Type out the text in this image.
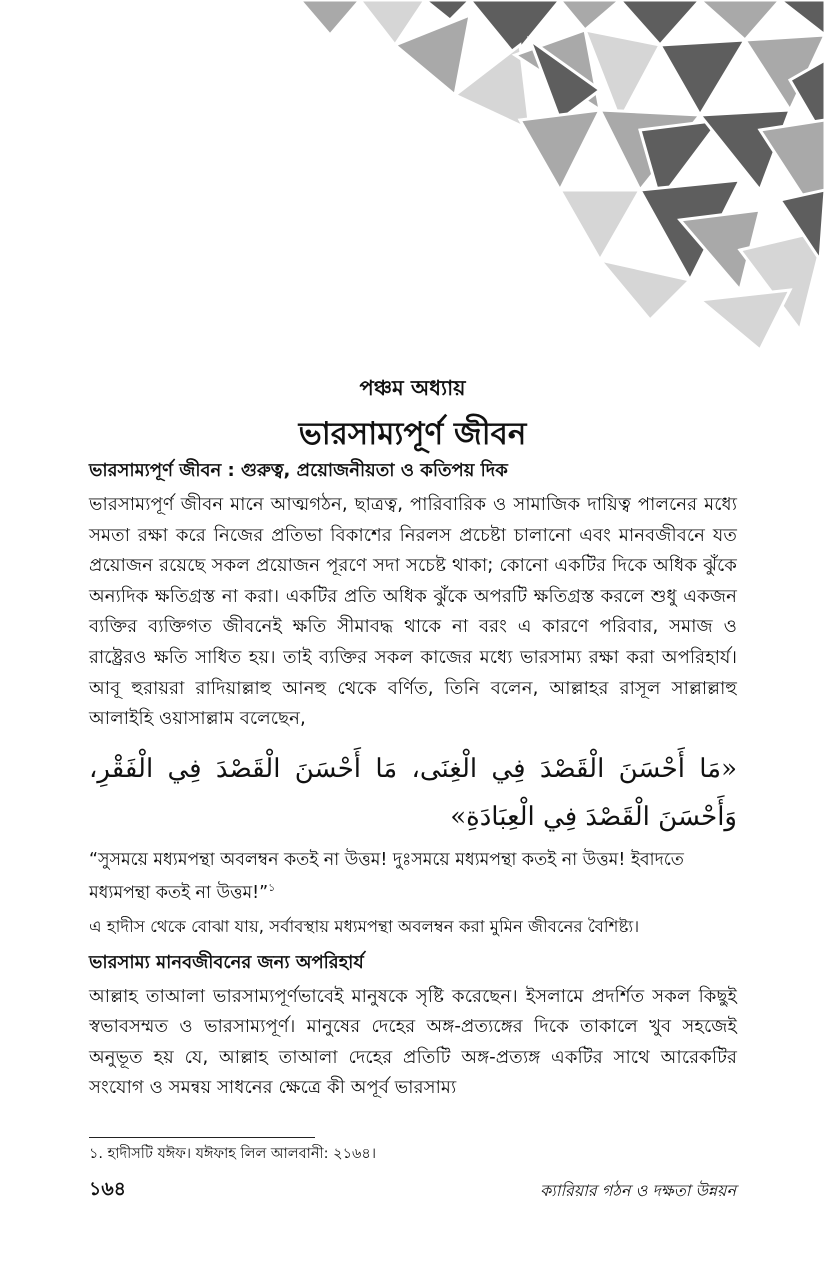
পঞ্চম অধ্যায়
ভারসাম্যপূর্ণ জীবন
ভারসাম্যপূর্ণ জীবন : গুরুত্ব, প্রয়োজনীয়তা ও কতিপয় দিক
ভারসাম্যপূর্ণ জীবন মানে আত্মগঠন, ছাত্রত্ব, পারিবারিক ও সামাজিক দায়িত্ব পালনের মধ্যে সমতা রক্ষা করে নিজের প্রতিভা বিকাশের নিরলস প্রচেষ্টা চালানো এবং মানবজীবনে যত প্রয়োজন রয়েছে সকল প্রয়োজন পূরণে সদা সচেষ্ট থাকা; কোনো একটির দিকে অধিক ঝুঁকে অন্যদিক ক্ষতিগ্রস্ত না করা। একটির প্রতি অধিক ঝুঁকে অপরটি ক্ষতিগ্রস্ত করলে শুধু একজন ব্যক্তির ব্যক্তিগত জীবনেই ক্ষতি সীমাবদ্ধ থাকে না বরং এ কারণে পরিবার, সমাজ ও রাষ্ট্রেরও ক্ষতি সাধিত হয়। তাই ব্যক্তির সকল কাজের মধ্যে ভারসাম্য রক্ষা করা অপরিহার্য। আবূ হুরায়রা রাদিয়াল্লাহু আনহু থেকে বর্ণিত, তিনি বলেন, আল্লাহর রাসূল সাল্লাল্লাহু আলাইহি ওয়াসাল্লাম বলেছেন,
«مَا أَحْسَنَ الْقَصْدَ فِي الْغِنَى، مَا أَحْسَنَ الْقَصْدَ فِي الْفَقْرِ، وَأَحْسَنَ الْقَصْدَ فِي الْعِبَادَةِ»
“সুসময়ে মধ্যমপন্থা অবলম্বন কতই না উত্তম! দুঃসময়ে মধ্যমপন্থা কতই না উত্তম! ইবাদতে মধ্যমপন্থা কতই না উত্তম!”$^১$
এ হাদীস থেকে বোঝা যায়, সর্বাবস্থায় মধ্যমপন্থা অবলম্বন করা মুমিন জীবনের বৈশিষ্ট্য।
ভারসাম্য মানবজীবনের জন্য অপরিহার্য
আল্লাহ তাআলা ভারসাম্যপূর্ণভাবেই মানুষকে সৃষ্টি করেছেন। ইসলামে প্রদর্শিত সকল কিছুই স্বভাবসম্মত ও ভারসাম্যপূর্ণ। মানুষের দেহের অঙ্গ-প্রত্যঙ্গের দিকে তাকালে খুব সহজেই অনুভূত হয় যে, আল্লাহ তাআলা দেহের প্রতিটি অঙ্গ-প্রত্যঙ্গ একটির সাথে আরেকটির সংযোগ ও সমন্বয় সাধনের ক্ষেত্রে কী অপূর্ব ভারসাম্য
১. হাদীসটি যঈফ। যঈফাহ লিল আলবানী: ২১৬৪।
১৬৪	ক্যারিয়ার গঠন ও দক্ষতা উন্নয়ন
